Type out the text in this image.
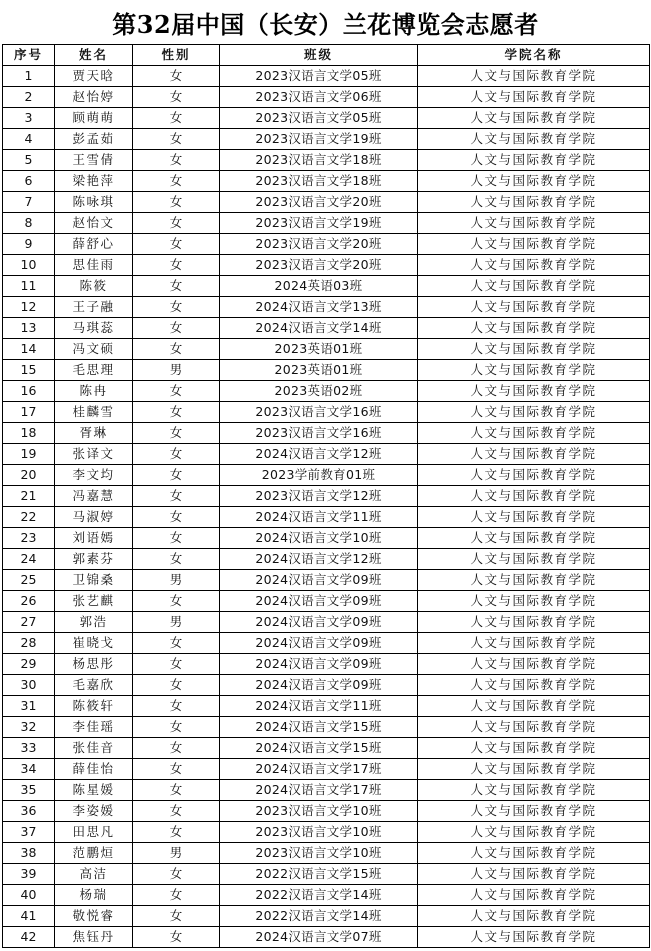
第32届中国（长安）兰花博览会志愿者
序号	姓名	性别	班级	学院名称
1	贾天晗	女	2023汉语言文学05班	人文与国际教育学院
2	赵怡婷	女	2023汉语言文学06班	人文与国际教育学院
3	顾萌萌	女	2023汉语言文学05班	人文与国际教育学院
4	彭孟茹	女	2023汉语言文学19班	人文与国际教育学院
5	王雪倩	女	2023汉语言文学18班	人文与国际教育学院
6	梁艳萍	女	2023汉语言文学18班	人文与国际教育学院
7	陈咏琪	女	2023汉语言文学20班	人文与国际教育学院
8	赵怡文	女	2023汉语言文学19班	人文与国际教育学院
9	薛舒心	女	2023汉语言文学20班	人文与国际教育学院
10	思佳雨	女	2023汉语言文学20班	人文与国际教育学院
11	陈筱	女	2024英语03班	人文与国际教育学院
12	王子融	女	2024汉语言文学13班	人文与国际教育学院
13	马琪蕊	女	2024汉语言文学14班	人文与国际教育学院
14	冯文硕	女	2023英语01班	人文与国际教育学院
15	毛思理	男	2023英语01班	人文与国际教育学院
16	陈冉	女	2023英语02班	人文与国际教育学院
17	桂麟雪	女	2023汉语言文学16班	人文与国际教育学院
18	胥琳	女	2023汉语言文学16班	人文与国际教育学院
19	张译文	女	2024汉语言文学12班	人文与国际教育学院
20	李文均	女	2023学前教育01班	人文与国际教育学院
21	冯嘉慧	女	2023汉语言文学12班	人文与国际教育学院
22	马淑婷	女	2024汉语言文学11班	人文与国际教育学院
23	刘语嫣	女	2024汉语言文学10班	人文与国际教育学院
24	郭素芬	女	2024汉语言文学12班	人文与国际教育学院
25	卫锦桑	男	2024汉语言文学09班	人文与国际教育学院
26	张艺麒	女	2024汉语言文学09班	人文与国际教育学院
27	郭浩	男	2024汉语言文学09班	人文与国际教育学院
28	崔晓戈	女	2024汉语言文学09班	人文与国际教育学院
29	杨思彤	女	2024汉语言文学09班	人文与国际教育学院
30	毛嘉欣	女	2024汉语言文学09班	人文与国际教育学院
31	陈筱轩	女	2024汉语言文学11班	人文与国际教育学院
32	李佳瑶	女	2024汉语言文学15班	人文与国际教育学院
33	张佳音	女	2024汉语言文学15班	人文与国际教育学院
34	薛佳怡	女	2024汉语言文学17班	人文与国际教育学院
35	陈星媛	女	2024汉语言文学17班	人文与国际教育学院
36	李姿媛	女	2023汉语言文学10班	人文与国际教育学院
37	田思凡	女	2023汉语言文学10班	人文与国际教育学院
38	范鹏烜	男	2023汉语言文学10班	人文与国际教育学院
39	高洁	女	2022汉语言文学15班	人文与国际教育学院
40	杨瑞	女	2022汉语言文学14班	人文与国际教育学院
41	敬悦睿	女	2022汉语言文学14班	人文与国际教育学院
42	焦钰丹	女	2024汉语言文学07班	人文与国际教育学院
